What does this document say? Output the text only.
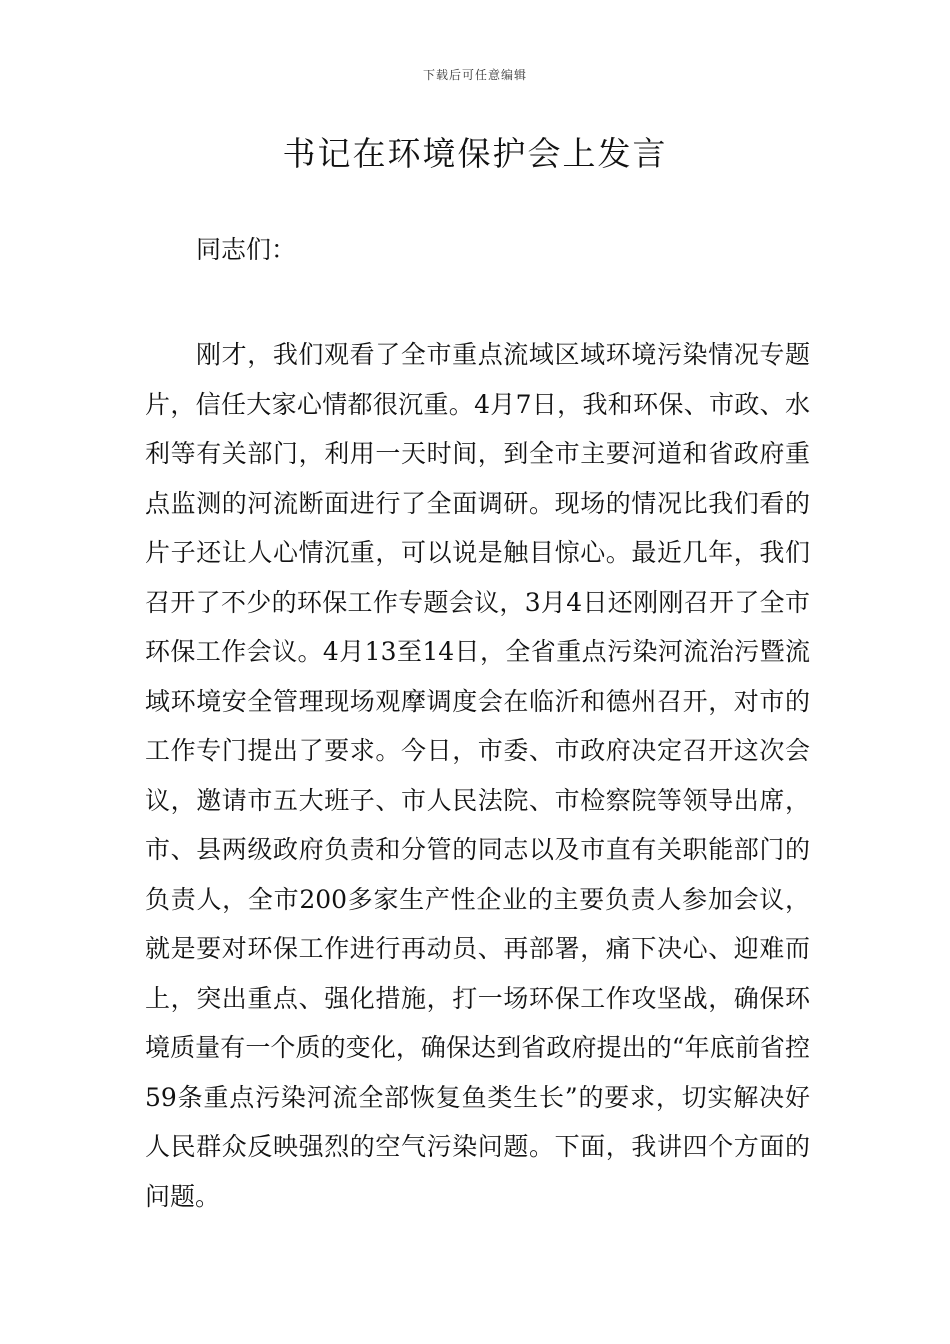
下载后可任意编辑
书记在环境保护会上发言
同志们：

刚才，我们观看了全市重点流域区域环境污染情况专题片，信任大家心情都很沉重。4月7日，我和环保、市政、水利等有关部门，利用一天时间，到全市主要河道和省政府重点监测的河流断面进行了全面调研。现场的情况比我们看的片子还让人心情沉重，可以说是触目惊心。最近几年，我们召开了不少的环保工作专题会议，3月4日还刚刚召开了全市环保工作会议。4月13至14日，全省重点污染河流治污暨流域环境安全管理现场观摩调度会在临沂和德州召开，对市的工作专门提出了要求。今日，市委、市政府决定召开这次会议，邀请市五大班子、市人民法院、市检察院等领导出席，市、县两级政府负责和分管的同志以及市直有关职能部门的负责人，全市200多家生产性企业的主要负责人参加会议，就是要对环保工作进行再动员、再部署，痛下决心、迎难而上，突出重点、强化措施，打一场环保工作攻坚战，确保环境质量有一个质的变化，确保达到省政府提出的“年底前省控59条重点污染河流全部恢复鱼类生长”的要求，切实解决好人民群众反映强烈的空气污染问题。下面，我讲四个方面的问题。
